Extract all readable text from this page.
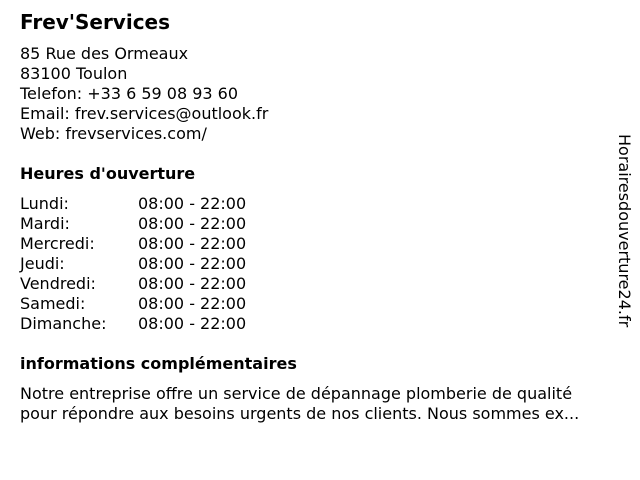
Frev'Services
85 Rue des Ormeaux
83100 Toulon
Telefon: +33 6 59 08 93 60
Email: frev.services@outlook.fr
Web: frevservices.com/
Heures d'ouverture
Lundi:	08:00 - 22:00
Mardi:	08:00 - 22:00
Mercredi:	08:00 - 22:00
Jeudi:	08:00 - 22:00
Vendredi:	08:00 - 22:00
Samedi:	08:00 - 22:00
Dimanche:	08:00 - 22:00
informations complémentaires
Notre entreprise offre un service de dépannage plomberie de qualité
pour répondre aux besoins urgents de nos clients. Nous sommes ex...
Horairesdouverture24.fr
